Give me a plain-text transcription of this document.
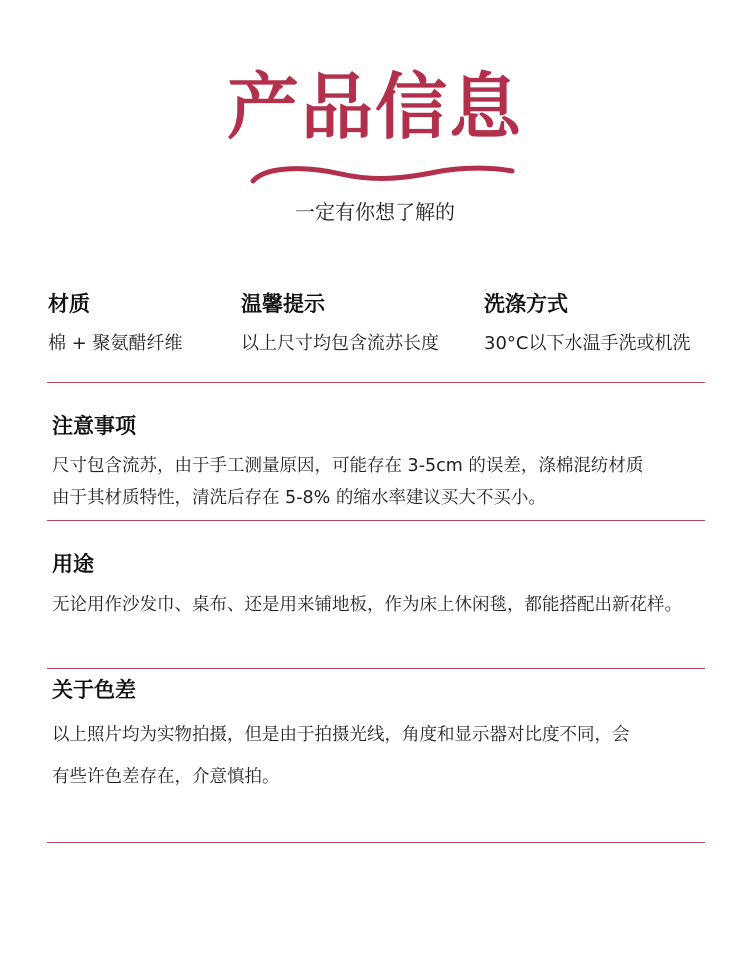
产品信息
一定有你想了解的
材质

棉 + 聚氨醋纤维

温馨提示

以上尺寸均包含流苏长度

洗涤方式

30°C以下水温手洗或机洗

注意事项

尺寸包含流苏，由于手工测量原因，可能存在 3-5cm 的误差，涤棉混纺材质

由于其材质特性，清洗后存在 5-8% 的缩水率建议买大不买小。

用途

无论用作沙发巾、桌布、还是用来铺地板，作为床上休闲毯，都能搭配出新花样。

关于色差

以上照片均为实物拍摄，但是由于拍摄光线，角度和显示器对比度不同，会

有些许色差存在，介意慎拍。
